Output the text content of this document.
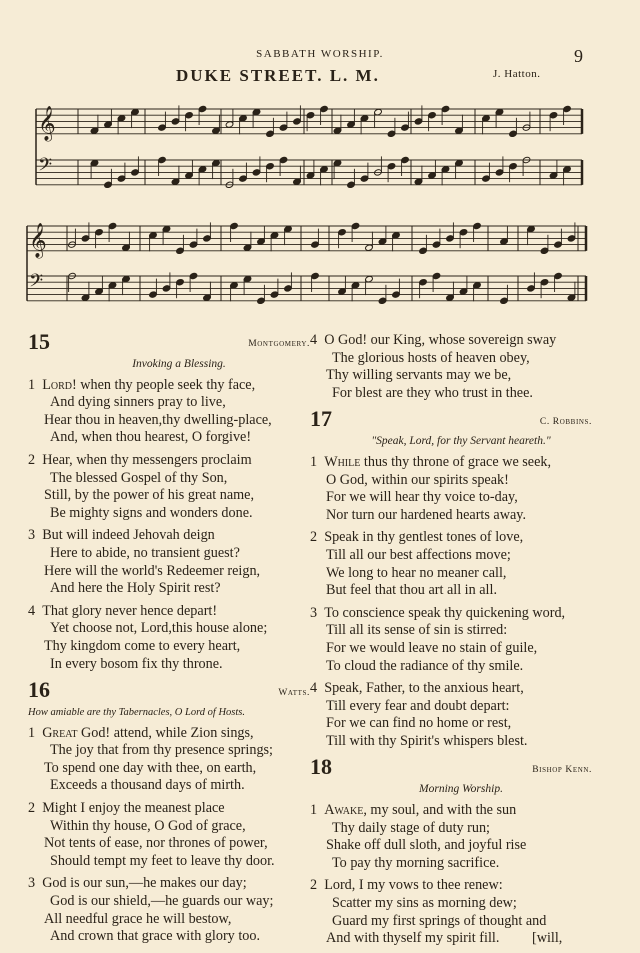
SABBATH WORSHIP.	9
DUKE STREET. L. M.	J. Hatton.
𝄞
𝄢
𝄞
𝄢
15	Montgomery.
Invoking a Blessing.
1 Lord! when thy people seek thy face,
And dying sinners pray to live,
Hear thou in heaven,thy dwelling-place,
And, when thou hearest, O forgive!
2 Hear, when thy messengers proclaim
The blessed Gospel of thy Son,
Still, by the power of his great name,
Be mighty signs and wonders done.
3 But will indeed Jehovah deign
Here to abide, no transient guest?
Here will the world's Redeemer reign,
And here the Holy Spirit rest?
4 That glory never hence depart!
Yet choose not, Lord,this house alone;
Thy kingdom come to every heart,
In every bosom fix thy throne.
16	Watts.
How amiable are thy Tabernacles, O Lord of Hosts.
1 Great God! attend, while Zion sings,
The joy that from thy presence springs;
To spend one day with thee, on earth,
Exceeds a thousand days of mirth.
2 Might I enjoy the meanest place
Within thy house, O God of grace,
Not tents of ease, nor thrones of power,
Should tempt my feet to leave thy door.
3 God is our sun,—he makes our day;
God is our shield,—he guards our way;
All needful grace he will bestow,
And crown that grace with glory too.
4 O God! our King, whose sovereign sway
The glorious hosts of heaven obey,
Thy willing servants may we be,
For blest are they who trust in thee.
17	C. Robbins.
"Speak, Lord, for thy Servant heareth."
1 While thus thy throne of grace we seek,
O God, within our spirits speak!
For we will hear thy voice to-day,
Nor turn our hardened hearts away.
2 Speak in thy gentlest tones of love,
Till all our best affections move;
We long to hear no meaner call,
But feel that thou art all in all.
3 To conscience speak thy quickening word,
Till all its sense of sin is stirred:
For we would leave no stain of guile,
To cloud the radiance of thy smile.
4 Speak, Father, to the anxious heart,
Till every fear and doubt depart:
For we can find no home or rest,
Till with thy Spirit's whispers blest.
18	Bishop Kenn.
Morning Worship.
1 Awake, my soul, and with the sun
Thy daily stage of duty run;
Shake off dull sloth, and joyful rise
To pay thy morning sacrifice.
2 Lord, I my vows to thee renew:
Scatter my sins as morning dew;
Guard my first springs of thought and
And with thyself my spirit fill. [will,
